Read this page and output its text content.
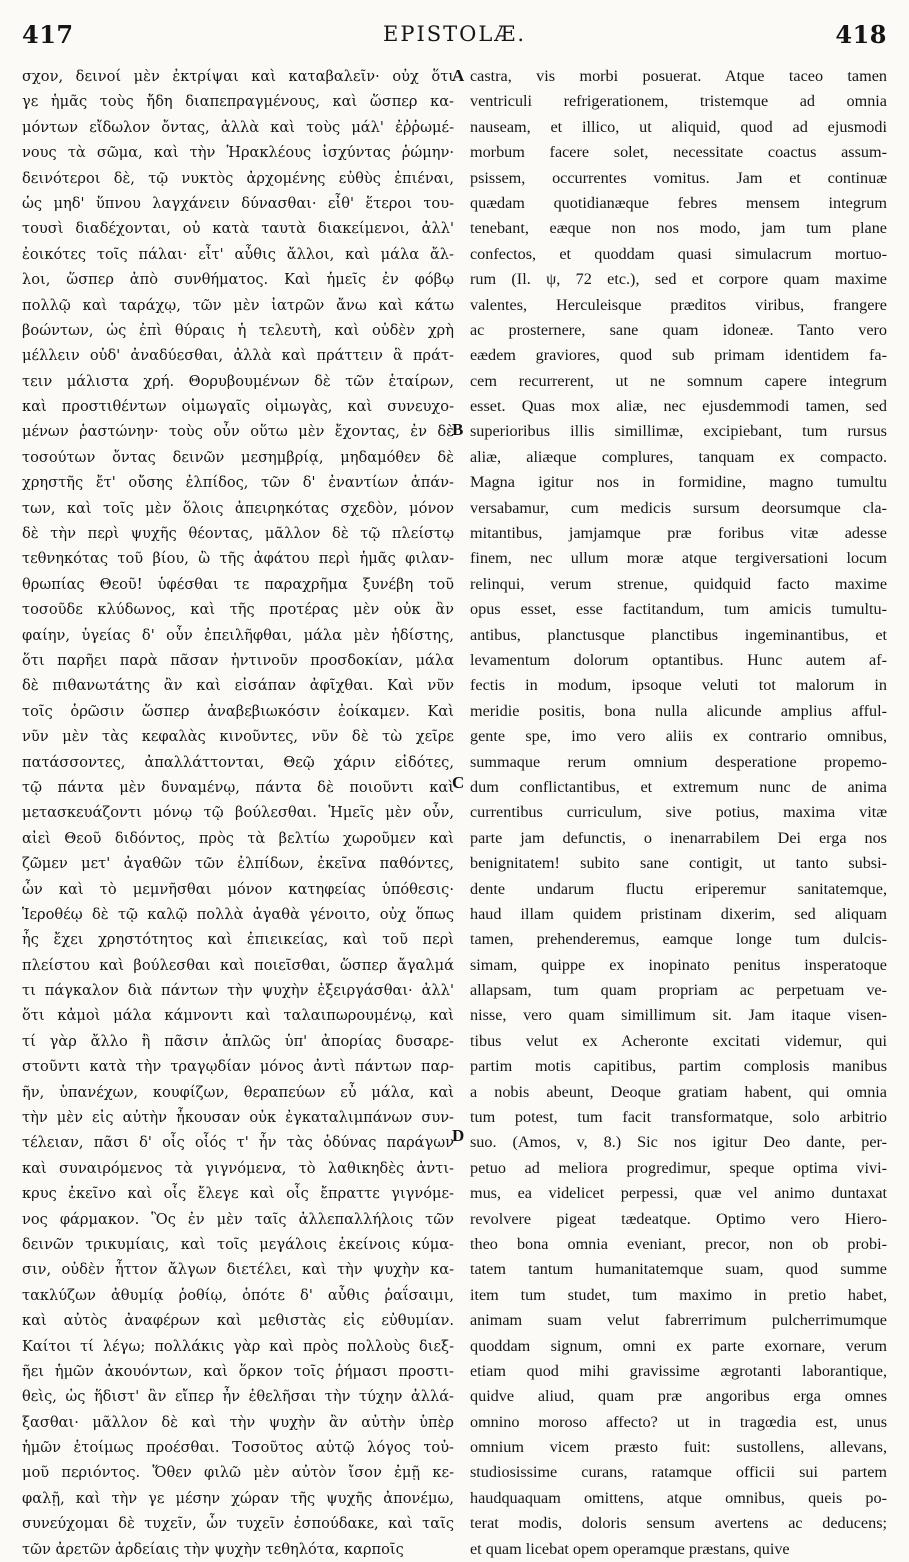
417	EPISTOLÆ.	418
σχον, δεινοί μὲν ἐκτρίψαι καὶ καταβαλεῖν· οὐχ ὅτι
γε ἡμᾶς τοὺς ἤδη διαπεπραγμένους, καὶ ὥσπερ κα-
μόντων εἴδωλον ὄντας, ἀλλὰ καὶ τοὺς μάλ' ἐῤῥωμέ-
νους τὰ σῶμα, καὶ τὴν Ἡρακλέους ἰσχύντας ῥώμην·
δεινότεροι δὲ, τῷ νυκτὸς ἀρχομένης εὐθὺς ἐπιέναι,
ὡς μηδ' ὕπνου λαγχάνειν δύνασθαι· εἶθ' ἕτεροι του-
τουσὶ διαδέχονται, οὐ κατὰ ταυτὰ διακείμενοι, ἀλλ'
ἐοικότες τοῖς πάλαι· εἶτ' αὖθις ἄλλοι, καὶ μάλα ἄλ-
λοι, ὥσπερ ἀπὸ συνθήματος. Καὶ ἡμεῖς ἐν φόβῳ
πολλῷ καὶ ταράχῳ, τῶν μὲν ἰατρῶν ἄνω καὶ κάτω
βοώντων, ὡς ἐπὶ θύραις ἡ τελευτὴ, καὶ οὐδὲν χρὴ
μέλλειν οὐδ' ἀναδύεσθαι, ἀλλὰ καὶ πράττειν ἃ πράτ-
τειν μάλιστα χρή. Θορυβουμένων δὲ τῶν ἑταίρων,
καὶ προστιθέντων οἰμωγαῖς οἰμωγὰς, καὶ συνευχο-
μένων ῥαστώνην· τοὺς οὖν οὕτω μὲν ἔχοντας, ἐν δὲ
τοσούτων ὄντας δεινῶν μεσημβρίᾳ, μηδαμόθεν δὲ
χρηστῆς ἔτ' οὔσης ἐλπίδος, τῶν δ' ἐναντίων ἁπάν-
των, καὶ τοῖς μὲν ὅλοις ἀπειρηκότας σχεδὸν, μόνον
δὲ τὴν περὶ ψυχῆς θέοντας, μᾶλλον δὲ τῷ πλείστῳ
τεθνηκότας τοῦ βίου, ὢ τῆς ἀφάτου περὶ ἡμᾶς φιλαν-
θρωπίας Θεοῦ! ὑφέσθαι τε παραχρῆμα ξυνέβη τοῦ
τοσοῦδε κλύδωνος, καὶ τῆς προτέρας μὲν οὐκ ἂν
φαίην, ὑγείας δ' οὖν ἐπειλῆφθαι, μάλα μὲν ἡδίστης,
ὅτι παρῆει παρὰ πᾶσαν ἡντινοῦν προσδοκίαν, μάλα
δὲ πιθανωτάτης ἂν καὶ εἰσάπαν ἀφῖχθαι. Καὶ νῦν
τοῖς ὁρῶσιν ὥσπερ ἀναβεβιωκόσιν ἐοίκαμεν. Καὶ
νῦν μὲν τὰς κεφαλὰς κινοῦντες, νῦν δὲ τὼ χεῖρε
πατάσσοντες, ἀπαλλάττονται, Θεῷ χάριν εἰδότες,
τῷ πάντα μὲν δυναμένῳ, πάντα δὲ ποιοῦντι καὶ
μετασκευάζοντι μόνῳ τῷ βούλεσθαι. Ἡμεῖς μὲν οὖν,
αἰεὶ Θεοῦ διδόντος, πρὸς τὰ βελτίω χωροῦμεν καὶ
ζῶμεν μετ' ἀγαθῶν τῶν ἐλπίδων, ἐκεῖνα παθόντες,
ὧν καὶ τὸ μεμνῆσθαι μόνον κατηφείας ὑπόθεσις·
Ἱεροθέῳ δὲ τῷ καλῷ πολλὰ ἀγαθὰ γένοιτο, οὐχ ὅπως
ἧς ἔχει χρηστότητος καὶ ἐπιεικείας, καὶ τοῦ περὶ
πλείστου καὶ βούλεσθαι καὶ ποιεῖσθαι, ὥσπερ ἄγαλμά
τι πάγκαλον διὰ πάντων τὴν ψυχὴν ἐξειργάσθαι· ἀλλ'
ὅτι κἀμοὶ μάλα κάμνοντι καὶ ταλαιπωρουμένῳ, καὶ
τί γὰρ ἄλλο ἢ πᾶσιν ἁπλῶς ὑπ' ἀπορίας δυσαρε-
στοῦντι κατὰ τὴν τραγῳδίαν μόνος ἀντὶ πάντων παρ-
ῆν, ὑπανέχων, κουφίζων, θεραπεύων εὖ μάλα, καὶ
τὴν μὲν εἰς αὐτὴν ἧκουσαν οὐκ ἐγκαταλιμπάνων συν-
τέλειαν, πᾶσι δ' οἷς οἷός τ' ἦν τὰς ὀδύνας παράγων
καὶ συναιρόμενος τὰ γιγνόμενα, τὸ λαθικηδὲς ἀντι-
κρυς ἐκεῖνο καὶ οἷς ἔλεγε καὶ οἷς ἔπραττε γιγνόμε-
νος φάρμακον. Ὃς ἐν μὲν ταῖς ἀλλεπαλλήλοις τῶν
δεινῶν τρικυμίαις, καὶ τοῖς μεγάλοις ἐκείνοις κύμα-
σιν, οὐδὲν ἧττον ἄλγων διετέλει, καὶ τὴν ψυχὴν κα-
τακλύζων ἀθυμίᾳ ῥοθίῳ, ὁπότε δ' αὖθις ῥαΐσαιμι,
καὶ αὐτὸς ἀναφέρων καὶ μεθιστὰς εἰς εὐθυμίαν.
Καίτοι τί λέγω; πολλάκις γὰρ καὶ πρὸς πολλοὺς διεξ-
ῆει ἡμῶν ἀκουόντων, καὶ ὅρκον τοῖς ῥήμασι προστι-
θεὶς, ὡς ἥδιστ' ἂν εἴπερ ἦν ἐθελῆσαι τὴν τύχην ἀλλά-
ξασθαι· μᾶλλον δὲ καὶ τὴν ψυχὴν ἂν αὐτὴν ὑπὲρ
ἡμῶν ἑτοίμως προέσθαι. Τοσοῦτος αὐτῷ λόγος τοὐ-
μοῦ περιόντος. Ὅθεν φιλῶ μὲν αὐτὸν ἴσον ἐμῇ κε-
φαλῇ, καὶ τὴν γε μέσην χώραν τῆς ψυχῆς ἀπονέμω,
συνεύχομαι δὲ τυχεῖν, ὧν τυχεῖν ἐσπούδακε, καὶ ταῖς
τῶν ἀρετῶν ἀρδείαις τὴν ψυχὴν τεθηλότα, καρποῖς
A
B
C
D
castra, vis morbi posuerat. Atque taceo tamen
ventriculi refrigerationem, tristemque ad omnia
nauseam, et illico, ut aliquid, quod ad ejusmodi
morbum facere solet, necessitate coactus assum-
psissem, occurrentes vomitus. Jam et continuæ
quædam quotidianæque febres mensem integrum
tenebant, eæque non nos modo, jam tum plane
confectos, et quoddam quasi simulacrum mortuo-
rum (Il. ψ, 72 etc.), sed et corpore quam maxime
valentes, Herculeisque præditos viribus, frangere
ac prosternere, sane quam idoneæ. Tanto vero
eædem graviores, quod sub primam identidem fa-
cem recurrerent, ut ne somnum capere integrum
esset. Quas mox aliæ, nec ejusdemmodi tamen, sed
superioribus illis simillimæ, excipiebant, tum rursus
aliæ, aliæque complures, tanquam ex compacto.
Magna igitur nos in formidine, magno tumultu
versabamur, cum medicis sursum deorsumque cla-
mitantibus, jamjamque præ foribus vitæ adesse
finem, nec ullum moræ atque tergiversationi locum
relinqui, verum strenue, quidquid facto maxime
opus esset, esse factitandum, tum amicis tumultu-
antibus, planctusque planctibus ingeminantibus, et
levamentum dolorum optantibus. Hunc autem af-
fectis in modum, ipsoque veluti tot malorum in
meridie positis, bona nulla alicunde amplius afful-
gente spe, imo vero aliis ex contrario omnibus,
summaque rerum omnium desperatione propemo-
dum conflictantibus, et extremum nunc de anima
currentibus curriculum, sive potius, maxima vitæ
parte jam defunctis, o inenarrabilem Dei erga nos
benignitatem! subito sane contigit, ut tanto subsi-
dente undarum fluctu eriperemur sanitatemque,
haud illam quidem pristinam dixerim, sed aliquam
tamen, prehenderemus, eamque longe tum dulcis-
simam, quippe ex inopinato penitus insperatoque
allapsam, tum quam propriam ac perpetuam ve-
nisse, vero quam simillimum sit. Jam itaque visen-
tibus velut ex Acheronte excitati videmur, qui
partim motis capitibus, partim complosis manibus
a nobis abeunt, Deoque gratiam habent, qui omnia
tum potest, tum facit transformatque, solo arbitrio
suo. (Amos, v, 8.) Sic nos igitur Deo dante, per-
petuo ad meliora progredimur, speque optima vivi-
mus, ea videlicet perpessi, quæ vel animo duntaxat
revolvere pigeat tædeatque. Optimo vero Hiero-
theo bona omnia eveniant, precor, non ob probi-
tatem tantum humanitatemque suam, quod summe
item tum studet, tum maximo in pretio habet,
animam suam velut fabrerrimum pulcherrimumque
quoddam signum, omni ex parte exornare, verum
etiam quod mihi gravissime ægrotanti laborantique,
quidve aliud, quam præ angoribus erga omnes
omnino moroso affecto? ut in tragœdia est, unus
omnium vicem præsto fuit: sustollens, allevans,
studiosissime curans, ratamque officii sui partem
haudquaquam omittens, atque omnibus, queis po-
terat modis, doloris sensum avertens ac deducens;
et quam licebat opem operamque præstans, quive
